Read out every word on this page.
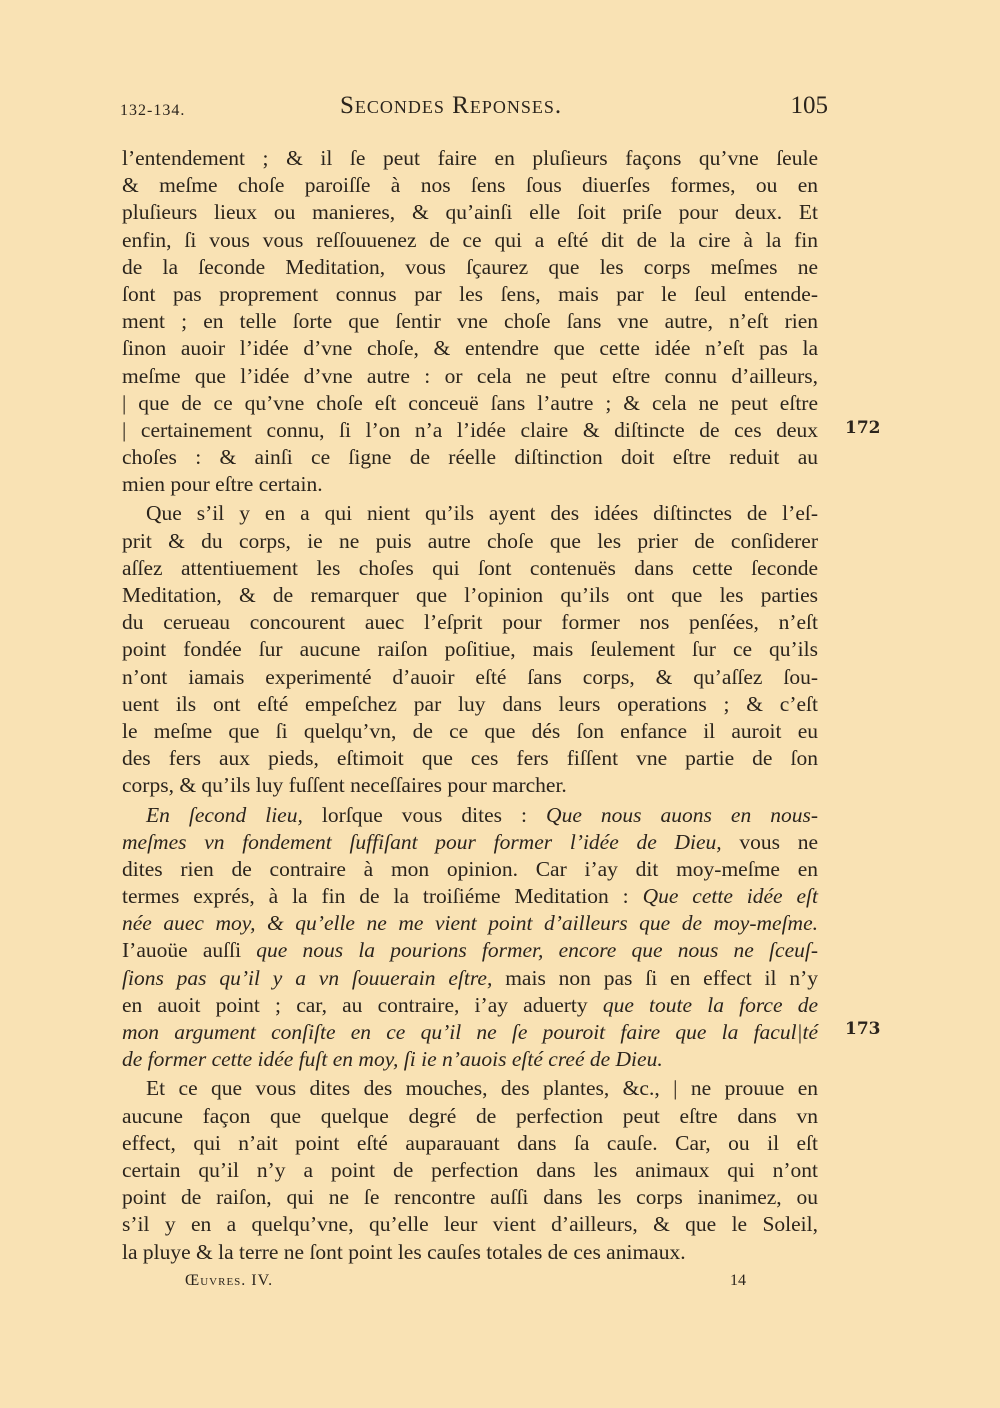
132-134.	Secondes Reponses.	105
l’entendement ; & il ſe peut faire en pluſieurs façons qu’vne ſeule
& meſme choſe paroiſſe à nos ſens ſous diuerſes formes, ou en
pluſieurs lieux ou manieres, & qu’ainſi elle ſoit priſe pour deux. Et
enfin, ſi vous vous reſſouuenez de ce qui a eſté dit de la cire à la fin
de la ſeconde Meditation, vous ſçaurez que les corps meſmes ne
ſont pas proprement connus par les ſens, mais par le ſeul entende-
ment ; en telle ſorte que ſentir vne choſe ſans vne autre, n’eſt rien
ſinon auoir l’idée d’vne choſe, & entendre que cette idée n’eſt pas la
meſme que l’idée d’vne autre : or cela ne peut eſtre connu d’ailleurs,
| que de ce qu’vne choſe eſt conceuë ſans l’autre ; & cela ne peut eſtre
| certainement connu, ſi l’on n’a l’idée claire & diſtincte de ces deux
choſes : & ainſi ce ſigne de réelle diſtinction doit eſtre reduit au
mien pour eſtre certain.
Que s’il y en a qui nient qu’ils ayent des idées diſtinctes de l’eſ-
prit & du corps, ie ne puis autre choſe que les prier de conſiderer
aſſez attentiuement les choſes qui ſont contenuës dans cette ſeconde
Meditation, & de remarquer que l’opinion qu’ils ont que les parties
du cerueau concourent auec l’eſprit pour former nos penſées, n’eſt
point fondée ſur aucune raiſon poſitiue, mais ſeulement ſur ce qu’ils
n’ont iamais experimenté d’auoir eſté ſans corps, & qu’aſſez ſou-
uent ils ont eſté empeſchez par luy dans leurs operations ; & c’eſt
le meſme que ſi quelqu’vn, de ce que dés ſon enfance il auroit eu
des fers aux pieds, eſtimoit que ces fers fiſſent vne partie de ſon
corps, & qu’ils luy fuſſent neceſſaires pour marcher.
En ſecond lieu, lorſque vous dites : Que nous auons en nous-
meſmes vn fondement ſuffiſant pour former l’idée de Dieu, vous ne
dites rien de contraire à mon opinion. Car i’ay dit moy-meſme en
termes exprés, à la fin de la troiſiéme Meditation : Que cette idée eſt
née auec moy, & qu’elle ne me vient point d’ailleurs que de moy-meſme.
I’auoüe auſſi que nous la pourions former, encore que nous ne ſceuſ-
ſions pas qu’il y a vn ſouuerain eſtre, mais non pas ſi en effect il n’y
en auoit point ; car, au contraire, i’ay aduerty que toute la force de
mon argument conſiſte en ce qu’il ne ſe pouroit faire que la facul|té
de former cette idée fuſt en moy, ſi ie n’auois eſté creé de Dieu.
Et ce que vous dites des mouches, des plantes, &c., | ne prouue en
aucune façon que quelque degré de perfection peut eſtre dans vn
effect, qui n’ait point eſté auparauant dans ſa cauſe. Car, ou il eſt
certain qu’il n’y a point de perfection dans les animaux qui n’ont
point de raiſon, qui ne ſe rencontre auſſi dans les corps inanimez, ou
s’il y en a quelqu’vne, qu’elle leur vient d’ailleurs, & que le Soleil,
la pluye & la terre ne ſont point les cauſes totales de ces animaux.
172
173
Œuvres. IV.	14
